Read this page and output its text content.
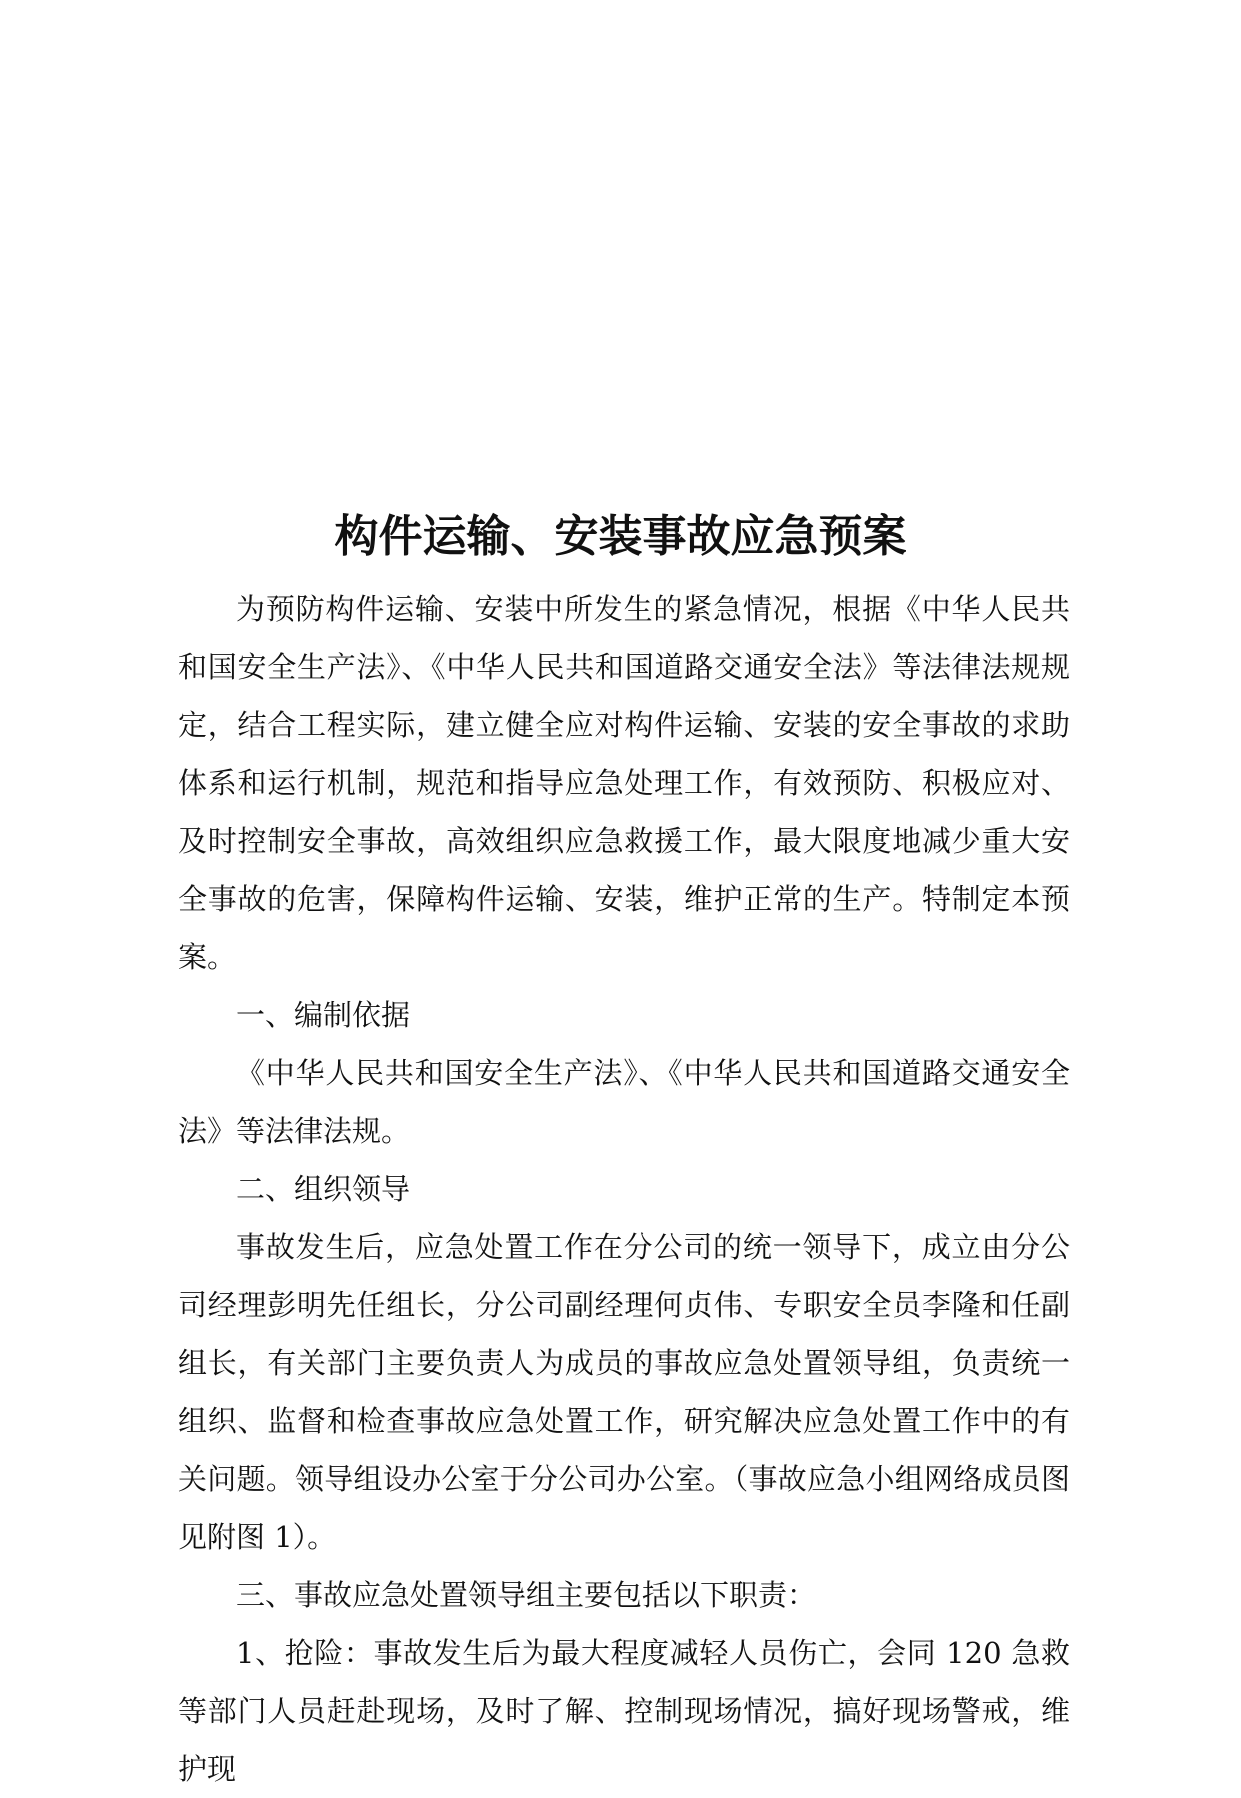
构件运输、安装事故应急预案

为预防构件运输、安装中所发生的紧急情况，根据《中华人民共和国安全生产法》、《中华人民共和国道路交通安全法》等法律法规规定，结合工程实际，建立健全应对构件运输、安装的安全事故的求助体系和运行机制，规范和指导应急处理工作，有效预防、积极应对、及时控制安全事故，高效组织应急救援工作，最大限度地减少重大安全事故的危害，保障构件运输、安装，维护正常的生产。特制定本预案。

一、编制依据

《中华人民共和国安全生产法》、《中华人民共和国道路交通安全法》等法律法规。

二、组织领导

事故发生后，应急处置工作在分公司的统一领导下，成立由分公司经理彭明先任组长，分公司副经理何贞伟、专职安全员李隆和任副组长，有关部门主要负责人为成员的事故应急处置领导组，负责统一组织、监督和检查事故应急处置工作，研究解决应急处置工作中的有关问题。领导组设办公室于分公司办公室。（事故应急小组网络成员图见附图 1）。

三、事故应急处置领导组主要包括以下职责：

1、抢险：事故发生后为最大程度减轻人员伤亡，会同 120 急救等部门人员赶赴现场，及时了解、控制现场情况，搞好现场警戒，维护现
